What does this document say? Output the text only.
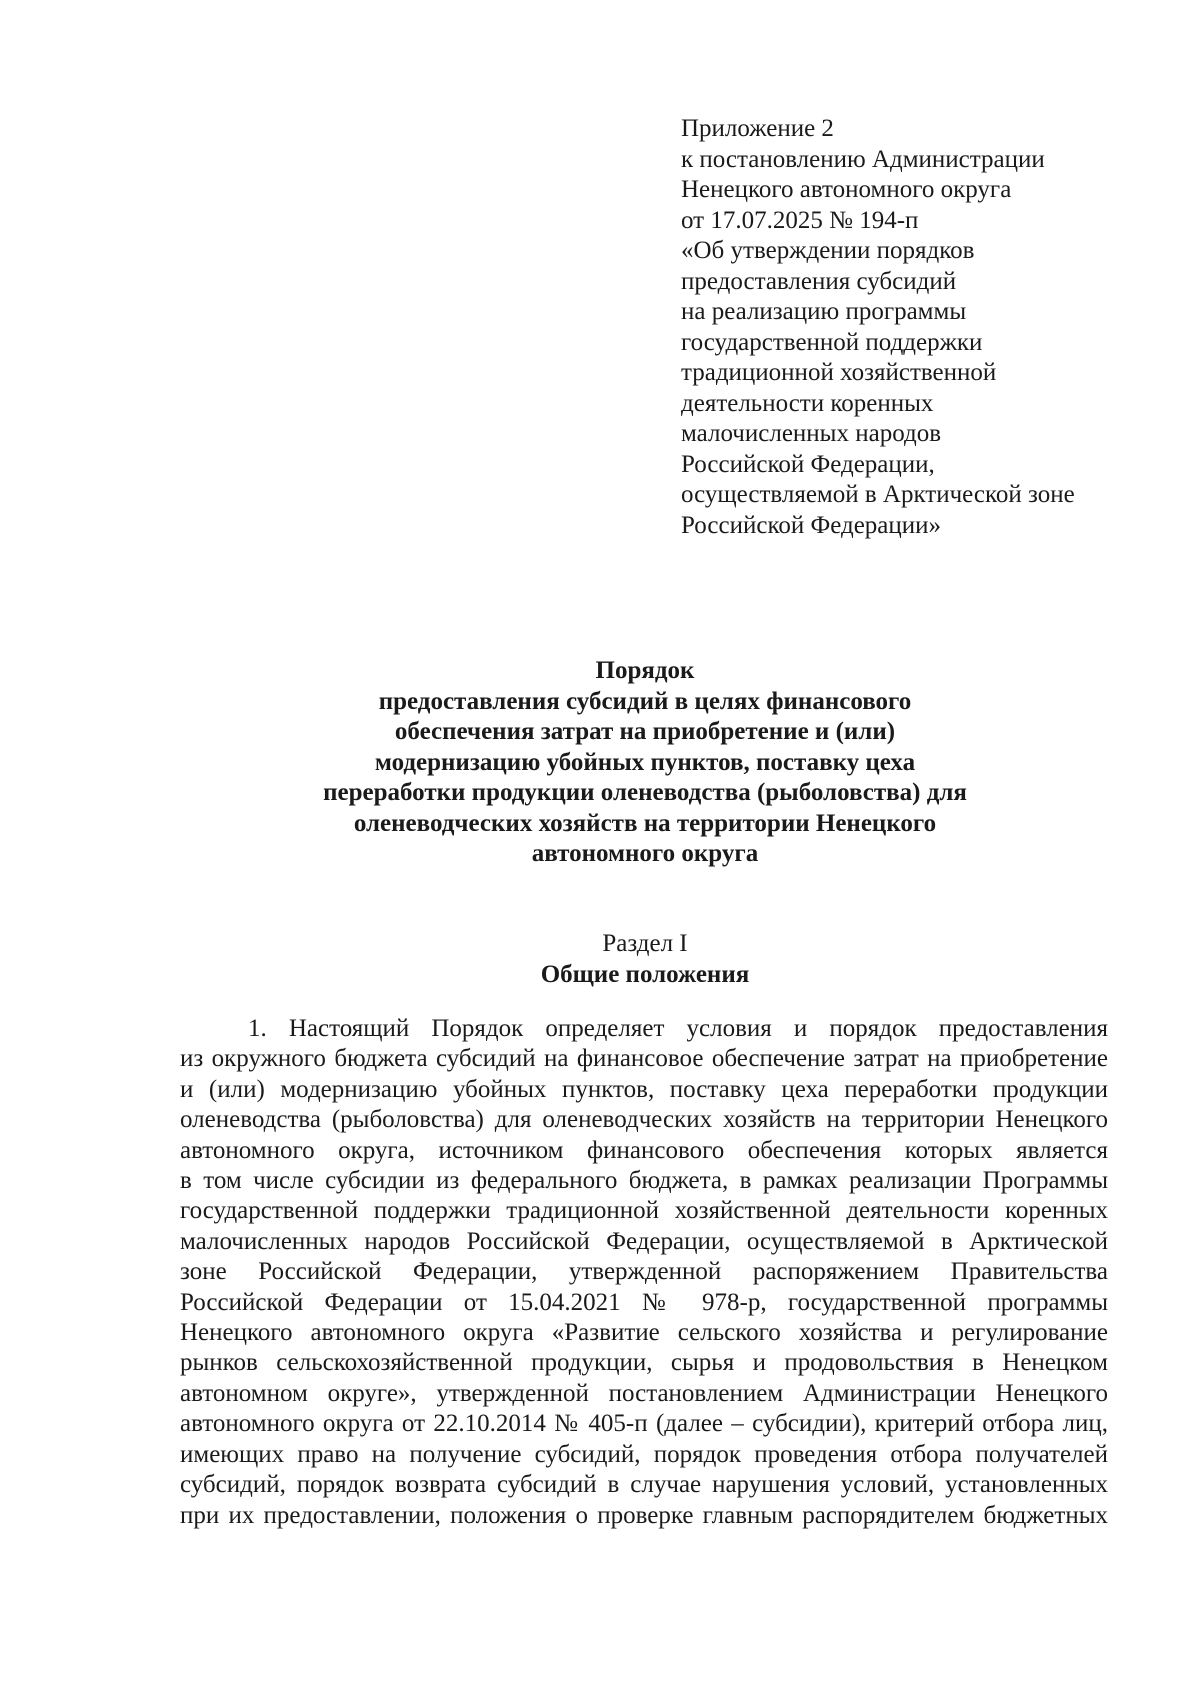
Приложение 2
к постановлению Администрации
Ненецкого автономного округа
от 17.07.2025 № 194-п
«Об утверждении порядков
предоставления субсидий
на реализацию программы
государственной поддержки
традиционной хозяйственной
деятельности коренных
малочисленных народов
Российской Федерации,
осуществляемой в Арктической зоне
Российской Федерации»
Порядок
предоставления субсидий в целях финансового
обеспечения затрат на приобретение и (или)
модернизацию убойных пунктов, поставку цеха
переработки продукции оленеводства (рыболовства) для
оленеводческих хозяйств на территории Ненецкого
автономного округа
Раздел I
Общие положения
1. Настоящий Порядок определяет условия и порядок предоставления
из окружного бюджета субсидий на финансовое обеспечение затрат на приобретение
и (или) модернизацию убойных пунктов, поставку цеха переработки продукции
оленеводства (рыболовства) для оленеводческих хозяйств на территории Ненецкого
автономного округа, источником финансового обеспечения которых является
в том числе субсидии из федерального бюджета, в рамках реализации Программы
государственной поддержки традиционной хозяйственной деятельности коренных
малочисленных народов Российской Федерации, осуществляемой в Арктической
зоне Российской Федерации, утвержденной распоряжением Правительства
Российской Федерации от 15.04.2021 № 978-р, государственной программы
Ненецкого автономного округа «Развитие сельского хозяйства и регулирование
рынков сельскохозяйственной продукции, сырья и продовольствия в Ненецком
автономном округе», утвержденной постановлением Администрации Ненецкого
автономного округа от 22.10.2014 № 405-п (далее – субсидии), критерий отбора лиц,
имеющих право на получение субсидий, порядок проведения отбора получателей
субсидий, порядок возврата субсидий в случае нарушения условий, установленных
при их предоставлении, положения о проверке главным распорядителем бюджетных
